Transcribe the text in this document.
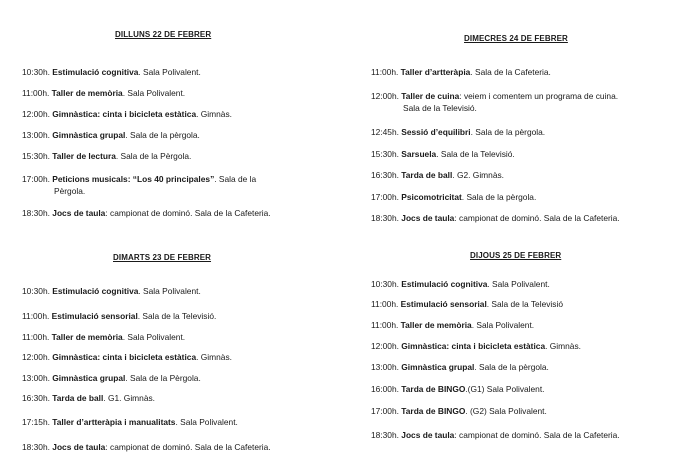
DILLUNS 22 DE FEBRER
10:30h. Estimulació cognitiva. Sala Polivalent.
11:00h. Taller de memòria. Sala Polivalent.
12:00h. Gimnàstica: cinta i bicicleta estàtica. Gimnàs.
13:00h. Gimnàstica grupal. Sala de la pèrgola.
15:30h. Taller de lectura. Sala de la Pèrgola.
17:00h. Peticions musicals: “Los 40 principales”. Sala de la
Pèrgola.
18:30h. Jocs de taula: campionat de dominó. Sala de la Cafeteria.
DIMARTS 23 DE FEBRER
10:30h. Estimulació cognitiva. Sala Polivalent.
11:00h. Estimulació sensorial. Sala de la Televisió.
11:00h. Taller de memòria. Sala Polivalent.
12:00h. Gimnàstica: cinta i bicicleta estàtica. Gimnàs.
13:00h. Gimnàstica grupal. Sala de la Pèrgola.
16:30h. Tarda de ball. G1. Gimnàs.
17:15h. Taller d’artteràpia i manualitats. Sala Polivalent.
18:30h. Jocs de taula: campionat de dominó. Sala de la Cafeteria.
DIMECRES 24 DE FEBRER
11:00h. Taller d’artteràpia. Sala de la Cafeteria.
12:00h. Taller de cuina: veiem i comentem un programa de cuina.
Sala de la Televisió.
12:45h. Sessió d’equilibri. Sala de la pèrgola.
15:30h. Sarsuela. Sala de la Televisió.
16:30h. Tarda de ball. G2. Gimnàs.
17:00h. Psicomotricitat. Sala de la pèrgola.
18:30h. Jocs de taula: campionat de dominó. Sala de la Cafeteria.
DIJOUS 25 DE FEBRER
10:30h. Estimulació cognitiva. Sala Polivalent.
11:00h. Estimulació sensorial. Sala de la Televisió
11:00h. Taller de memòria. Sala Polivalent.
12:00h. Gimnàstica: cinta i bicicleta estàtica. Gimnàs.
13:00h. Gimnàstica grupal. Sala de la pèrgola.
16:00h. Tarda de BINGO.(G1) Sala Polivalent.
17:00h. Tarda de BINGO. (G2) Sala Polivalent.
18:30h. Jocs de taula: campionat de dominó. Sala de la Cafeteria.
